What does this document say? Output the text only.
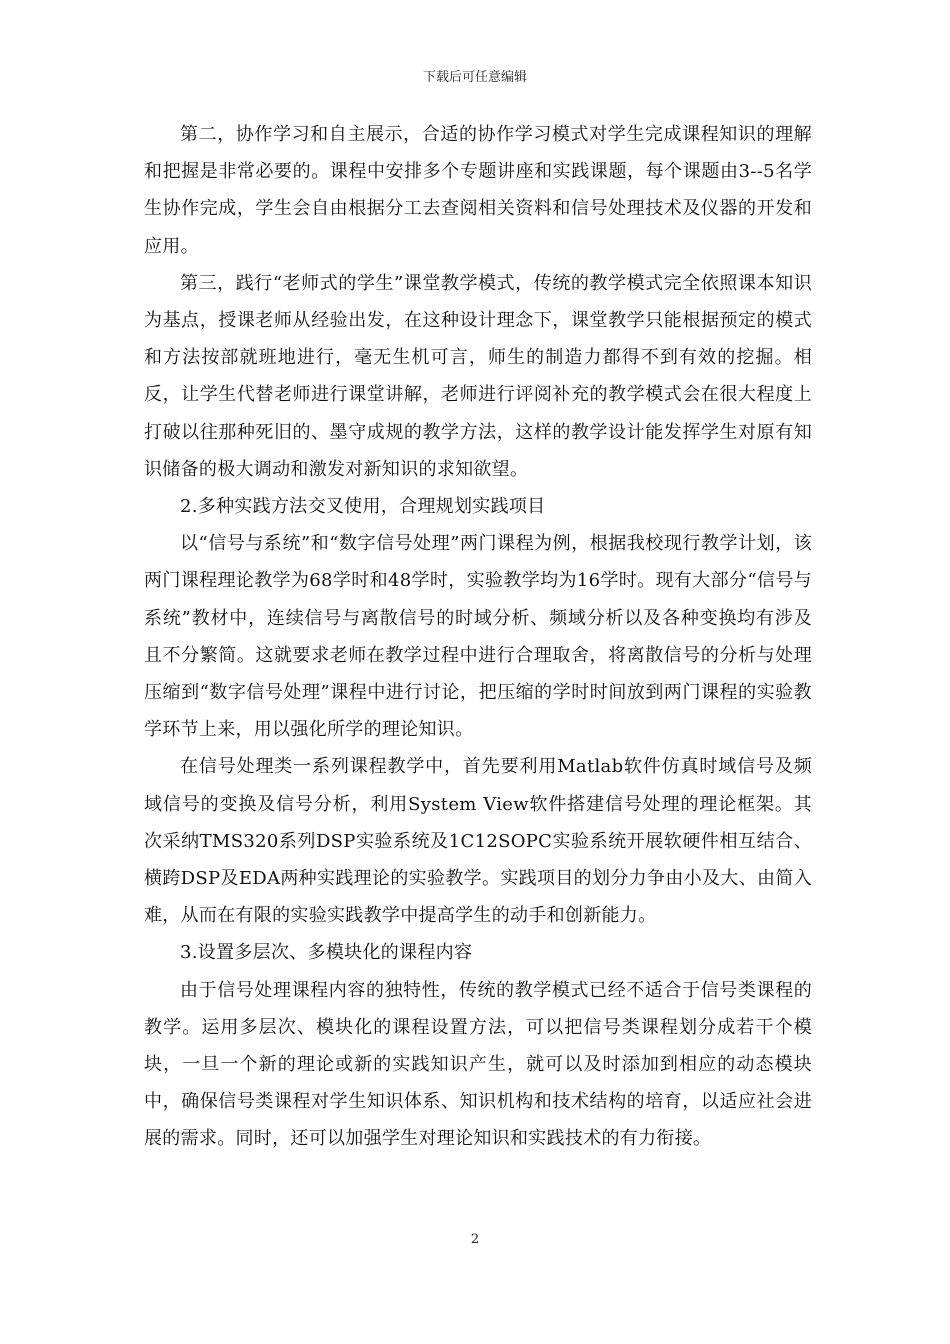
下载后可任意编辑

第二，协作学习和自主展示，合适的协作学习模式对学生完成课程知识的理解和把握是非常必要的。课程中安排多个专题讲座和实践课题，每个课题由3--5名学生协作完成，学生会自由根据分工去查阅相关资料和信号处理技术及仪器的开发和应用。

第三，践行“老师式的学生”课堂教学模式，传统的教学模式完全依照课本知识为基点，授课老师从经验出发，在这种设计理念下，课堂教学只能根据预定的模式和方法按部就班地进行，毫无生机可言，师生的制造力都得不到有效的挖掘。相反，让学生代替老师进行课堂讲解，老师进行评阅补充的教学模式会在很大程度上打破以往那种死旧的、墨守成规的教学方法，这样的教学设计能发挥学生对原有知识储备的极大调动和激发对新知识的求知欲望。

2.多种实践方法交叉使用，合理规划实践项目

以“信号与系统”和“数字信号处理”两门课程为例，根据我校现行教学计划，该两门课程理论教学为68学时和48学时，实验教学均为16学时。现有大部分“信号与系统”教材中，连续信号与离散信号的时域分析、频域分析以及各种变换均有涉及且不分繁简。这就要求老师在教学过程中进行合理取舍，将离散信号的分析与处理压缩到“数字信号处理”课程中进行讨论，把压缩的学时时间放到两门课程的实验教学环节上来，用以强化所学的理论知识。

在信号处理类一系列课程教学中，首先要利用Matlab软件仿真时域信号及频域信号的变换及信号分析，利用System View软件搭建信号处理的理论框架。其次采纳TMS320系列DSP实验系统及1C12SOPC实验系统开展软硬件相互结合、横跨DSP及EDA两种实践理论的实验教学。实践项目的划分力争由小及大、由简入难，从而在有限的实验实践教学中提高学生的动手和创新能力。

3.设置多层次、多模块化的课程内容

由于信号处理课程内容的独特性，传统的教学模式已经不适合于信号类课程的教学。运用多层次、模块化的课程设置方法，可以把信号类课程划分成若干个模块，一旦一个新的理论或新的实践知识产生，就可以及时添加到相应的动态模块中，确保信号类课程对学生知识体系、知识机构和技术结构的培育，以适应社会进展的需求。同时，还可以加强学生对理论知识和实践技术的有力衔接。

2
